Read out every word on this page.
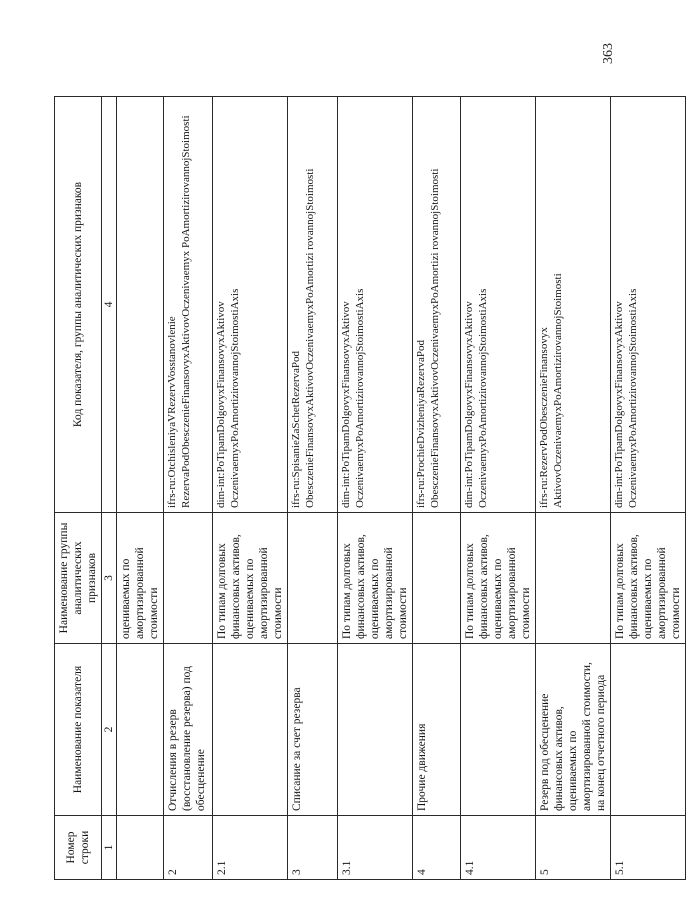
363
Номер строки	Наименование показателя	Наименование группы аналитических признаков	Код показателя, группы аналитических признаков
1	2	3	4
		оцениваемых по амортизированной стоимости	
2	Отчисления в резерв (восстановление резерва) под обесценение		ifrs-ru:OtchisleniyaVRezervVosstanovlenie RezervaPodObesczenieFinansovyxAktivovOczenivaemyx PoAmortizirovannojStoimosti
2.1		По типам долговых финансовых активов, оцениваемых по амортизированной стоимости	dim-int:PoTipamDolgovyxFinansovyxAktivov OczenivaemyxPoAmortizirovannojStoimostiAxis
3	Списание за счет резерва		ifrs-ru:SpisanieZaSchetRezervaPod ObesczenieFinansovyxAktivovOczenivaemyxPoAmortizi rovannojStoimosti
3.1		По типам долговых финансовых активов, оцениваемых по амортизированной стоимости	dim-int:PoTipamDolgovyxFinansovyxAktivov OczenivaemyxPoAmortizirovannojStoimostiAxis
4	Прочие движения		ifrs-ru:ProchieDvizheniyaRezervaPod ObesczenieFinansovyxAktivovOczenivaemyxPoAmortizi rovannojStoimosti
4.1		По типам долговых финансовых активов, оцениваемых по амортизированной стоимости	dim-int:PoTipamDolgovyxFinansovyxAktivov OczenivaemyxPoAmortizirovannojStoimostiAxis
5	Резерв под обесценение финансовых активов, оцениваемых по амортизированной стоимости, на конец отчетного периода		ifrs-ru:RezervPodObesczenieFinansovyx AktivovOczenivaemyxPoAmortizirovannojStoimosti
5.1		По типам долговых финансовых активов, оцениваемых по амортизированной стоимости	dim-int:PoTipamDolgovyxFinansovyxAktivov OczenivaemyxPoAmortizirovannojStoimostiAxis
